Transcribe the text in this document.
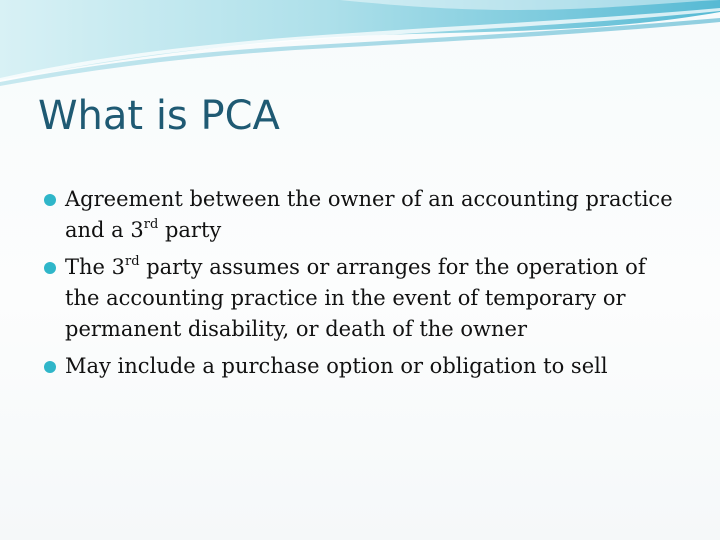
What is PCA
Agreement between the owner of an accounting practice and a 3rd party
The 3rd party assumes or arranges for the operation of the accounting practice in the event of temporary or permanent disability, or death of the owner
May include a purchase option or obligation to sell
